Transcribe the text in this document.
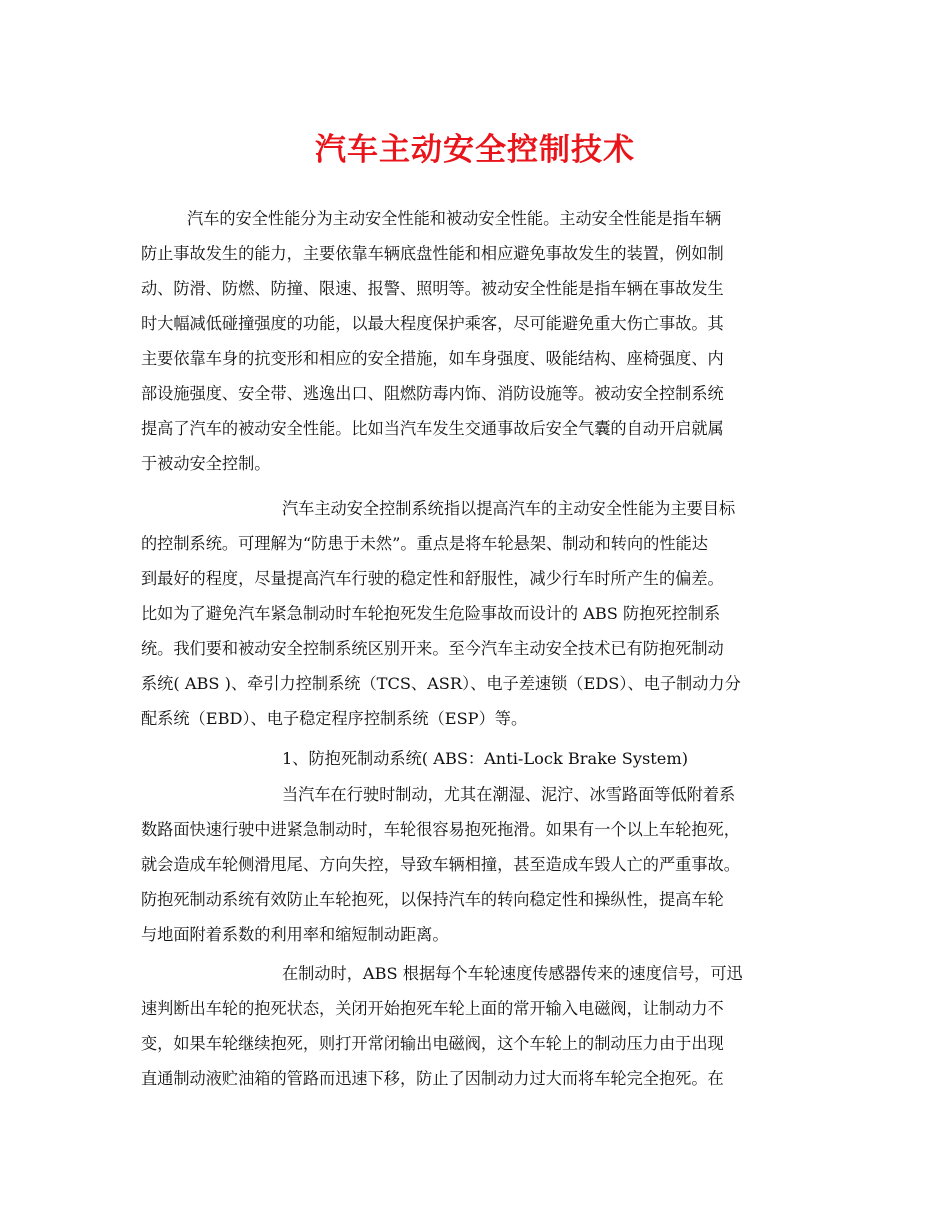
汽车主动安全控制技术
汽车的安全性能分为主动安全性能和被动安全性能。主动安全性能是指车辆
防止事故发生的能力，主要依靠车辆底盘性能和相应避免事故发生的装置，例如制
动、防滑、防燃、防撞、限速、报警、照明等。被动安全性能是指车辆在事故发生
时大幅减低碰撞强度的功能，以最大程度保护乘客，尽可能避免重大伤亡事故。其
主要依靠车身的抗变形和相应的安全措施，如车身强度、吸能结构、座椅强度、内
部设施强度、安全带、逃逸出口、阻燃防毒内饰、消防设施等。被动安全控制系统
提高了汽车的被动安全性能。比如当汽车发生交通事故后安全气囊的自动开启就属
于被动安全控制。
汽车主动安全控制系统指以提高汽车的主动安全性能为主要目标
的控制系统。可理解为“防患于未然”。重点是将车轮悬架、制动和转向的性能达
到最好的程度，尽量提高汽车行驶的稳定性和舒服性，减少行车时所产生的偏差。
比如为了避免汽车紧急制动时车轮抱死发生危险事故而设计的 ABS 防抱死控制系
统。我们要和被动安全控制系统区别开来。至今汽车主动安全技术已有防抱死制动
系统( ABS )、牵引力控制系统（TCS、ASR）、电子差速锁（EDS）、电子制动力分
配系统（EBD）、电子稳定程序控制系统（ESP）等。
1、防抱死制动系统( ABS：Anti-Lock Brake System)
当汽车在行驶时制动，尤其在潮湿、泥泞、冰雪路面等低附着系
数路面快速行驶中进紧急制动时，车轮很容易抱死拖滑。如果有一个以上车轮抱死，
就会造成车轮侧滑甩尾、方向失控，导致车辆相撞，甚至造成车毁人亡的严重事故。
防抱死制动系统有效防止车轮抱死，以保持汽车的转向稳定性和操纵性，提高车轮
与地面附着系数的利用率和缩短制动距离。
在制动时，ABS 根据每个车轮速度传感器传来的速度信号，可迅
速判断出车轮的抱死状态，关闭开始抱死车轮上面的常开输入电磁阀，让制动力不
变，如果车轮继续抱死，则打开常闭输出电磁阀，这个车轮上的制动压力由于出现
直通制动液贮油箱的管路而迅速下移，防止了因制动力过大而将车轮完全抱死。在
